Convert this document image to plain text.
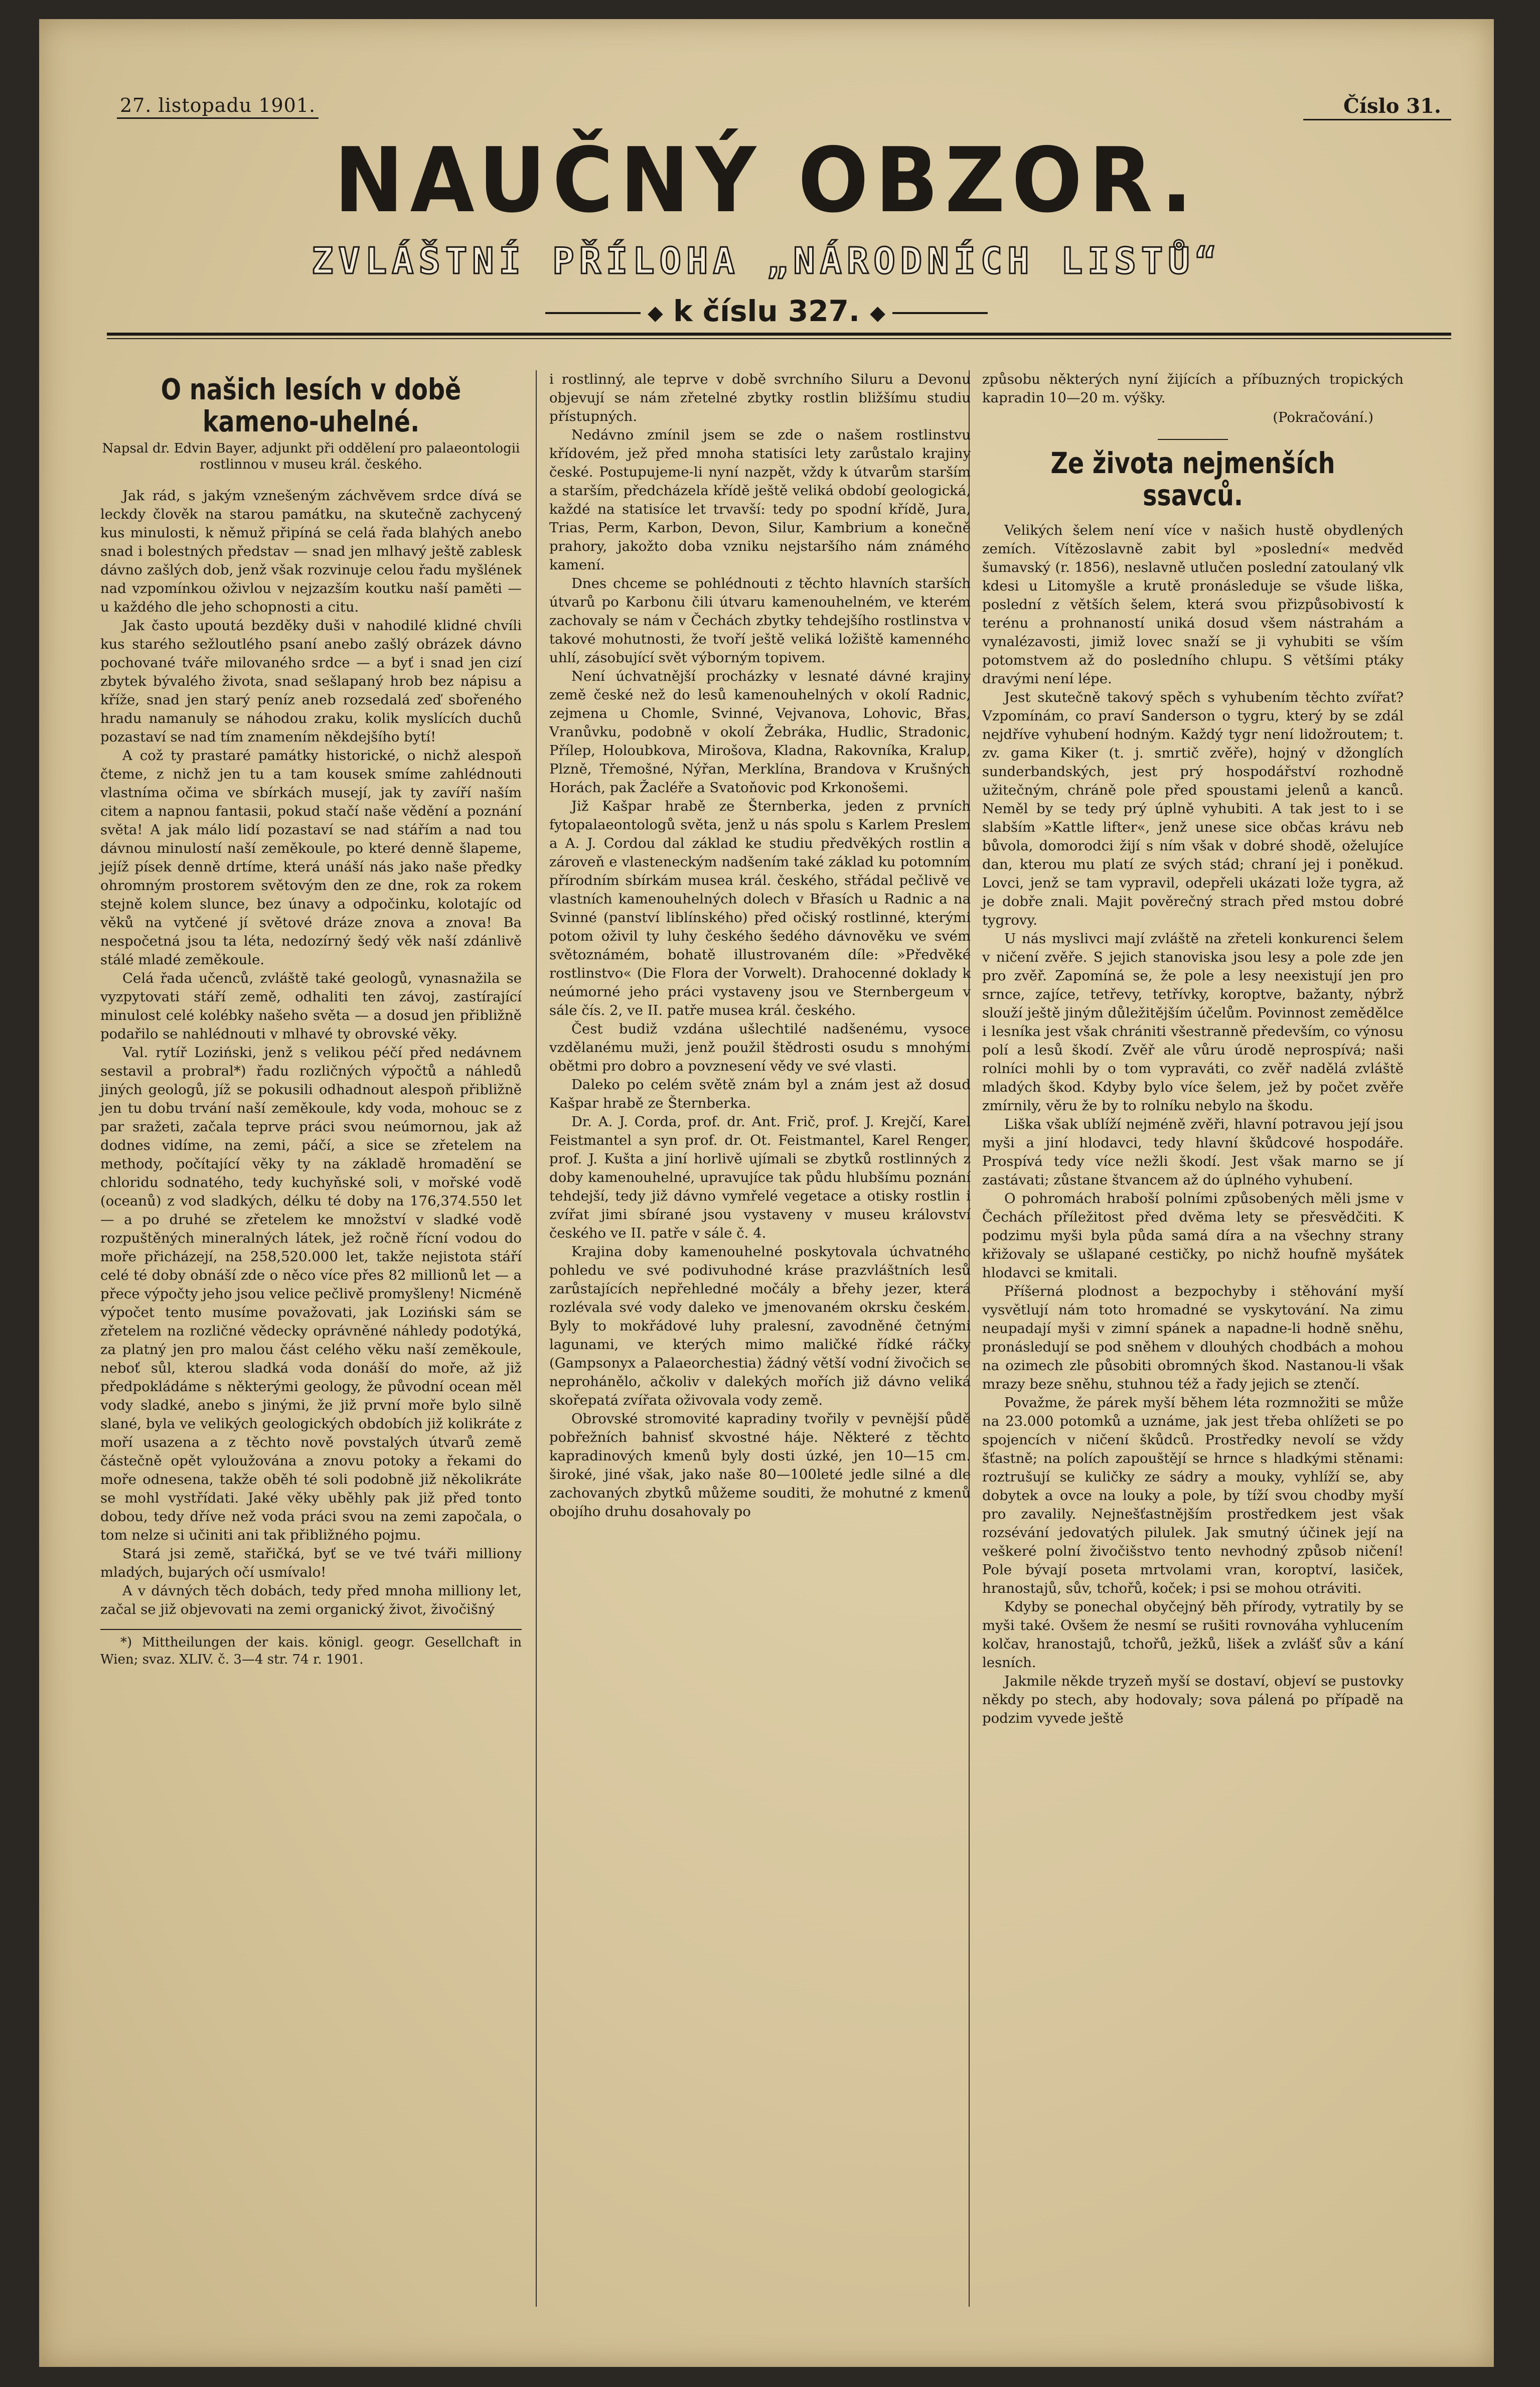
27. listopadu 1901.	Číslo 31.
NAUČNÝ OBZOR.
ZVLÁŠTNÍ PŘÍLOHA „NÁRODNÍCH LISTŮ“
◆ k číslu 327. ◆
O našich lesích v době kameno-uhelné.
Napsal dr. Edvin Bayer, adjunkt při oddělení pro palaeontologii rostlinnou v museu král. českého.

Jak rád, s jakým vznešeným záchvěvem srdce dívá se leckdy člověk na starou památku, na skutečně zachycený kus minulosti, k němuž připíná se celá řada blahých anebo snad i bolestných představ — snad jen mlhavý ještě zablesk dávno zašlých dob, jenž však rozvinuje celou řadu myšlének nad vzpomínkou oživlou v nejzazším koutku naší paměti — u každého dle jeho schopnosti a citu.

Jak často upoutá bezděky duši v nahodilé klidné chvíli kus starého sežloutlého psaní anebo zašlý obrázek dávno pochované tváře milovaného srdce — a byť i snad jen cizí zbytek bývalého života, snad sešlapaný hrob bez nápisu a kříže, snad jen starý peníz aneb rozsedalá zeď sbořeného hradu namanuly se náhodou zraku, kolik myslících duchů pozastaví se nad tím znamením někdejšího bytí!

A což ty prastaré památky historické, o nichž alespoň čteme, z nichž jen tu a tam kousek smíme zahlédnouti vlastníma očima ve sbírkách musejí, jak ty zavíří naším citem a napnou fantasii, pokud stačí naše vědění a poznání světa! A jak málo lidí pozastaví se nad stářím a nad tou dávnou minulostí naší zeměkoule, po které denně šlapeme, jejíž písek denně drtíme, která unáší nás jako naše předky ohromným prostorem světovým den ze dne, rok za rokem stejně kolem slunce, bez únavy a odpočinku, kolotajíc od věků na vytčené jí světové dráze znova a znova! Ba nespočetná jsou ta léta, nedozírný šedý věk naší zdánlivě stálé mladé zeměkoule.

Celá řada učenců, zvláště také geologů, vynasnažila se vyzpytovati stáří země, odhaliti ten závoj, zastírající minulost celé kolébky našeho světa — a dosud jen přibližně podařilo se nahlédnouti v mlhavé ty obrovské věky.

Val. rytíř Loziński, jenž s velikou péčí před nedávnem sestavil a probral*) řadu rozličných výpočtů a náhledů jiných geologů, jíž se pokusili odhadnout alespoň přibližně jen tu dobu trvání naší zeměkoule, kdy voda, mohouc se z par sražeti, začala teprve práci svou neúmornou, jak až dodnes vidíme, na zemi, páčí, a sice se zřetelem na methody, počítající věky ty na základě hromadění se chloridu sodnatého, tedy kuchyňské soli, v mořské vodě (oceanů) z vod sladkých, délku té doby na 176,374.550 let — a po druhé se zřetelem ke množství v sladké vodě rozpuštěných mineralných látek, jež ročně řícní vodou do moře přicházejí, na 258,520.000 let, takže nejistota stáří celé té doby obnáší zde o něco více přes 82 millionů let — a přece výpočty jeho jsou velice pečlivě promyšleny! Nicméně výpočet tento musíme považovati, jak Loziński sám se zřetelem na rozličné vědecky oprávněné náhledy podotýká, za platný jen pro malou část celého věku naší zeměkoule, neboť sůl, kterou sladká voda donáší do moře, až již předpokládáme s některými geology, že původní ocean měl vody sladké, anebo s jinými, že již první moře bylo silně slané, byla ve velikých geologických obdobích již kolikráte z moří usazena a z těchto nově povstalých útvarů země částečně opět vyloužována a znovu potoky a řekami do moře odnesena, takže oběh té soli podobně již několikráte se mohl vystřídati. Jaké věky uběhly pak již před tonto dobou, tedy dříve než voda práci svou na zemi započala, o tom nelze si učiniti ani tak přibližného pojmu.

Stará jsi země, stařičká, byť se ve tvé tváři milliony mladých, bujarých očí usmívalo!

A v dávných těch dobách, tedy před mnoha milliony let, začal se již objevovati na zemi organický život, živočišný

*) Mittheilungen der kais. königl. geogr. Gesellchaft in Wien; svaz. XLIV. č. 3—4 str. 74 r. 1901.

i rostlinný, ale teprve v době svrchního Siluru a Devonu objevují se nám zřetelné zbytky rostlin bližšímu studiu přístupných.

Nedávno zmínil jsem se zde o našem rostlinstvu křídovém, jež před mnoha statisíci lety zarůstalo krajiny české. Postupujeme-li nyní nazpět, vždy k útvarům starším a starším, předcházela křídě ještě veliká období geologická, každé na statisíce let trvavší: tedy po spodní křídě, Jura, Trias, Perm, Karbon, Devon, Silur, Kambrium a konečně prahory, jakožto doba vzniku nejstaršího nám známého kamení.

Dnes chceme se pohlédnouti z těchto hlavních starších útvarů po Karbonu čili útvaru kamenouhelném, ve kterém zachovaly se nám v Čechách zbytky tehdejšího rostlinstva v takové mohutnosti, že tvoří ještě veliká ložiště kamenného uhlí, zásobující svět výborným topivem.

Není úchvatnější procházky v lesnaté dávné krajiny země české než do lesů kamenouhelných v okolí Radnic, zejmena u Chomle, Svinné, Vejvanova, Lohovic, Břas, Vranůvku, podobně v okolí Žebráka, Hudlic, Stradonic, Přílep, Holoubkova, Mirošova, Kladna, Rakovníka, Kralup, Plzně, Třemošné, Nýřan, Merklína, Brandova v Krušných Horách, pak Žacléře a Svatoňovic pod Krkonošemi.

Již Kašpar hrabě ze Šternberka, jeden z prvních fytopalaeontologů světa, jenž u nás spolu s Karlem Preslem a A. J. Cordou dal základ ke studiu předvěkých rostlin a zároveň e vlasteneckým nadšením také základ ku potomním přírodním sbírkám musea král. českého, střádal pečlivě ve vlastních kamenouhelných dolech v Břasích u Radnic a na Svinné (panství liblínského) před očiský rostlinné, kterými potom oživil ty luhy českého šedého dávnověku ve svém světoznámém, bohatě illustrovaném díle: »Předvěké rostlinstvo« (Die Flora der Vorwelt). Drahocenné doklady k neúmorné jeho práci vystaveny jsou ve Sternbergeum v sále čís. 2, ve II. patře musea král. českého.

Čest budiž vzdána ušlechtilé nadšenému, vysoce vzdělanému muži, jenž použil štědrosti osudu s mnohými obětmi pro dobro a povznesení vědy ve své vlasti.

Daleko po celém světě znám byl a znám jest až dosud Kašpar hrabě ze Šternberka.

Dr. A. J. Corda, prof. dr. Ant. Frič, prof. J. Krejčí, Karel Feistmantel a syn prof. dr. Ot. Feistmantel, Karel Renger, prof. J. Kušta a jiní horlivě ujímali se zbytků rostlinných z doby kamenouhelné, upravujíce tak půdu hlubšímu poznání tehdejší, tedy již dávno vymřelé vegetace a otisky rostlin i zvířat jimi sbírané jsou vystaveny v museu království českého ve II. patře v sále č. 4.

Krajina doby kamenouhelné poskytovala úchvatného pohledu ve své podivuhodné kráse prazvláštních lesů zarůstajících nepřehledné močály a břehy jezer, která rozlévala své vody daleko ve jmenovaném okrsku českém. Byly to mokřádové luhy pralesní, zavodněné četnými lagunami, ve kterých mimo maličké řídké ráčky (Gampsonyx a Palaeorchestia) žádný větší vodní živočich se neprohánělo, ačkoliv v dalekých mořích již dávno veliká skořepatá zvířata oživovala vody země.

Obrovské stromovité kapradiny tvořily v pevnější půdě pobřežních bahnisť skvostné háje. Některé z těchto kapradinových kmenů byly dosti úzké, jen 10—15 cm. široké, jiné však, jako naše 80—100leté jedle silné a dle zachovaných zbytků můžeme souditi, že mohutné z kmenů obojího druhu dosahovaly po

způsobu některých nyní žijících a příbuzných tropických kapradin 10—20 m. výšky.

(Pokračování.)
Ze života nejmenších ssavců.

Velikých šelem není více v našich hustě obydlených zemích. Vítězoslavně zabit byl »poslední« medvěd šumavský (r. 1856), neslavně utlučen poslední zatoulaný vlk kdesi u Litomyšle a krutě pronásleduje se všude liška, poslední z větších šelem, která svou přizpůsobivostí k terénu a prohnaností uniká dosud všem nástrahám a vynalézavosti, jimiž lovec snaží se ji vyhubiti se vším potomstvem až do posledního chlupu. S většími ptáky dravými není lépe.

Jest skutečně takový spěch s vyhubením těchto zvířat? Vzpomínám, co praví Sanderson o tygru, který by se zdál nejdříve vyhubení hodným. Každý tygr není lidožroutem; t. zv. gama Kiker (t. j. smrtič zvěře), hojný v džonglích sunderbandských, jest prý hospodářství rozhodně užitečným, chráně pole před spoustami jelenů a kanců. Neměl by se tedy prý úplně vyhubiti. A tak jest to i se slabším »Kattle lifter«, jenž unese sice občas krávu neb bůvola, domorodci žijí s ním však v dobré shodě, oželujíce dan, kterou mu platí ze svých stád; chraní jej i poněkud. Lovci, jenž se tam vypravil, odepřeli ukázati lože tygra, až je dobře znali. Majit pověrečný strach před mstou dobré tygrovy.

U nás myslivci mají zvláště na zřeteli konkurenci šelem v ničení zvěře. S jejich stanoviska jsou lesy a pole zde jen pro zvěř. Zapomíná se, že pole a lesy neexistují jen pro srnce, zajíce, tetřevy, tetřívky, koroptve, bažanty, nýbrž slouží ještě jiným důležitějším účelům. Povinnost zemědělce i lesníka jest však chrániti všestranně především, co výnosu polí a lesů škodí. Zvěř ale vůru úrodě neprospívá; naši rolníci mohli by o tom vypraváti, co zvěř nadělá zvláště mladých škod. Kdyby bylo více šelem, jež by počet zvěře zmírnily, věru že by to rolníku nebylo na škodu.

Liška však ublíží nejméně zvěři, hlavní potravou její jsou myši a jiní hlodavci, tedy hlavní škůdcové hospodáře. Prospívá tedy více nežli škodí. Jest však marno se jí zastávati; zůstane štvancem až do úplného vyhubení.

O pohromách hraboší polními způsobených měli jsme v Čechách příležitost před dvěma lety se přesvědčiti. K podzimu myši byla půda samá díra a na všechny strany křižovaly se ušlapané cestičky, po nichž houfně myšátek hlodavci se kmitali.

Příšerná plodnost a bezpochyby i stěhování myší vysvětlují nám toto hromadné se vyskytování. Na zimu neupadají myši v zimní spánek a napadne-li hodně sněhu, pronásledují se pod sněhem v dlouhých chodbách a mohou na ozimech zle působiti obromných škod. Nastanou-li však mrazy beze sněhu, stuhnou též a řady jejich se ztenčí.

Považme, že párek myší během léta rozmnožiti se může na 23.000 potomků a uznáme, jak jest třeba ohlížeti se po spojencích v ničení škůdců. Prostředky nevolí se vždy šťastně; na polích zapouštějí se hrnce s hladkými stěnami: roztrušují se kuličky ze sádry a mouky, vyhlíží se, aby dobytek a ovce na louky a pole, by tíží svou chodby myší pro zavalily. Nejnešťastnějším prostředkem jest však rozsévání jedovatých pilulek. Jak smutný účinek její na veškeré polní živočišstvo tento nevhodný způsob ničení! Pole bývají poseta mrtvolami vran, koroptví, lasiček, hranostajů, sův, tchořů, koček; i psi se mohou otráviti.

Kdyby se ponechal obyčejný běh přírody, vytratily by se myši také. Ovšem že nesmí se rušiti rovnováha vyhlucením kolčav, hranostajů, tchořů, ježků, lišek a zvlášť sův a kání lesních.

Jakmile někde tryzeň myší se dostaví, objeví se pustovky někdy po stech, aby hodovaly; sova pálená po případě na podzim vyvede ještě
